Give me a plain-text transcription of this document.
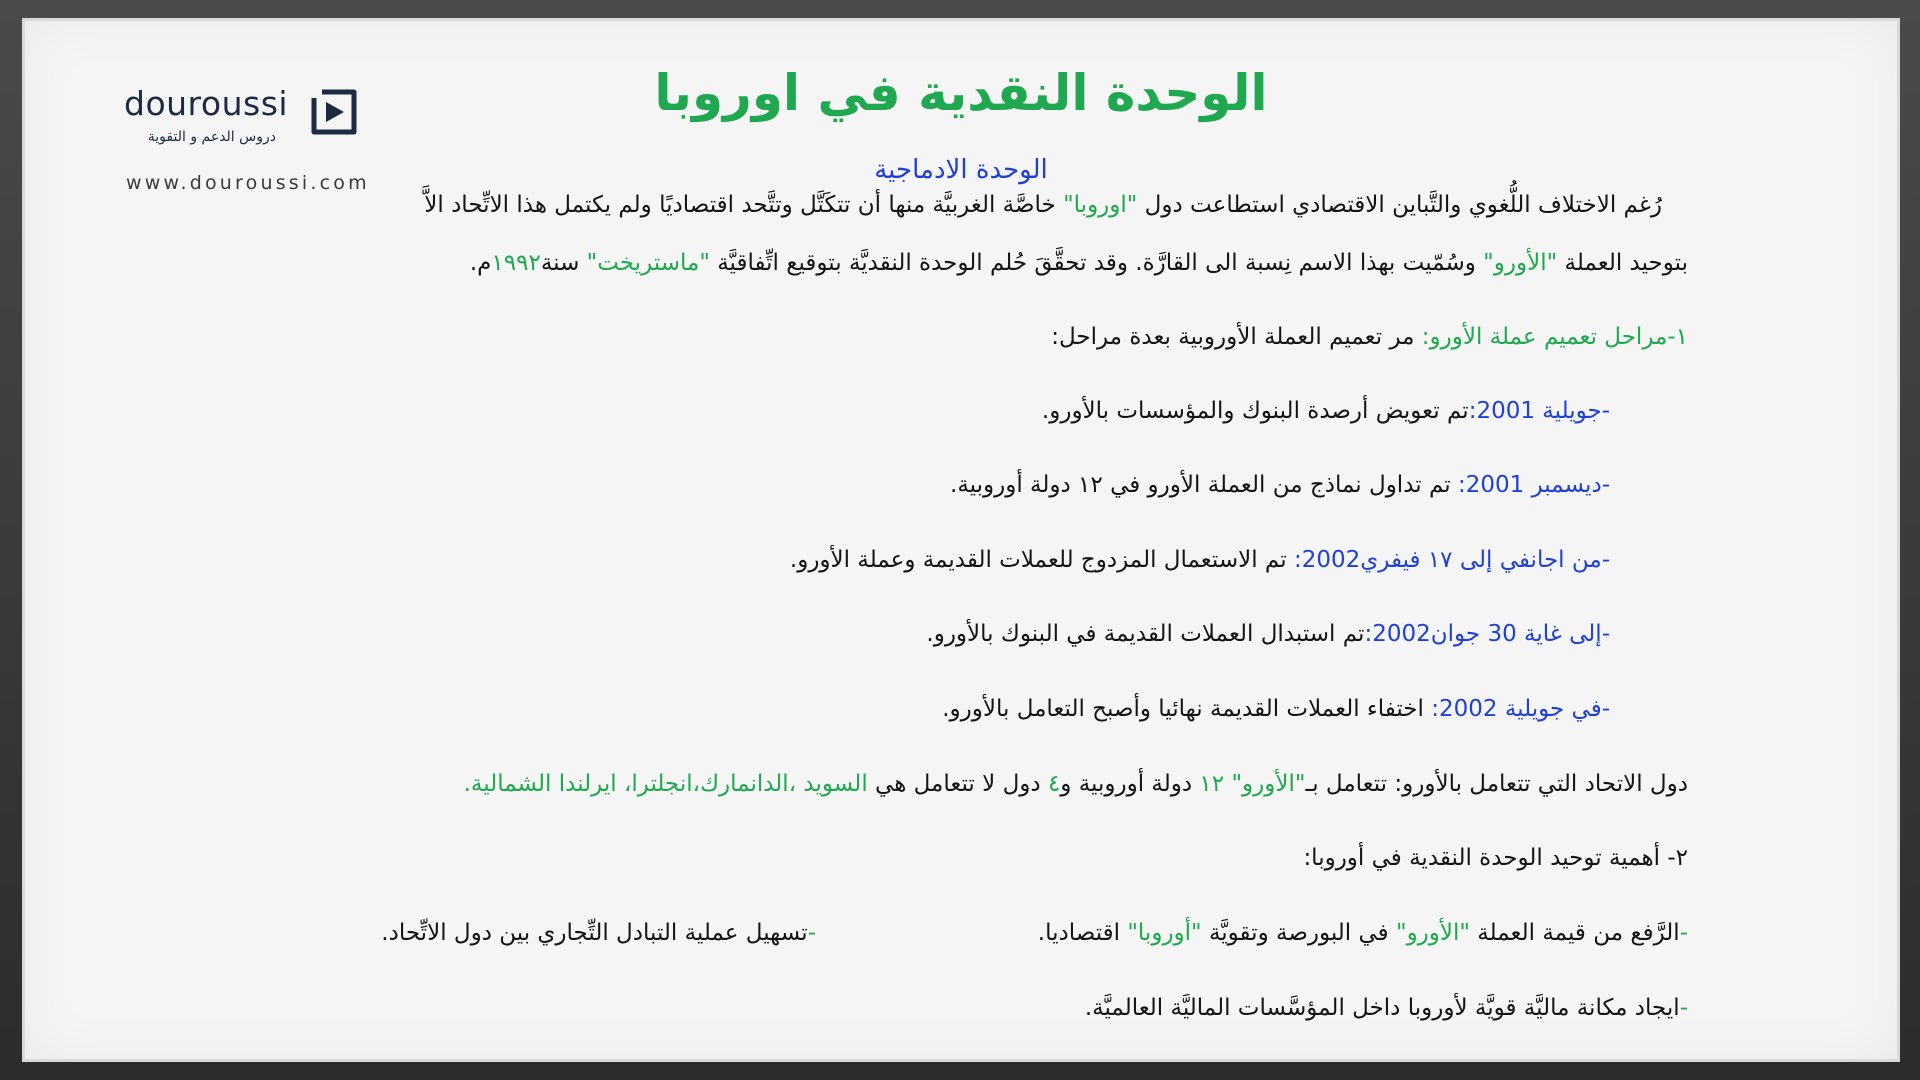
douroussi
دروس الدعم و التقوية
www.douroussi.com
الوحدة النقدية في اوروبا
الوحدة الادماجية
رُغم الاختلاف اللُّغوي والتَّباين الاقتصادي استطاعت دول "اوروبا" خاصَّة الغربيَّة منها أن تتكَتَّل وتتَّحد اقتصاديًا ولم يكتمل هذا الاتِّحاد الاَّ
بتوحيد العملة "الأورو" وسُمّيت بهذا الاسم نِسبة الى القارَّة. وقد تحقَّقَ حُلم الوحدة النقديَّة بتوقيع اتِّفاقيَّة "ماستريخت" سنة١٩٩٢م.
١-مراحل تعميم عملة الأورو: مر تعميم العملة الأوروبية بعدة مراحل:
-جويلية 2001:تم تعويض أرصدة البنوك والمؤسسات بالأورو.
-ديسمبر 2001: تم تداول نماذج من العملة الأورو في ١٢ دولة أوروبية.
-من اجانفي إلى ١٧ فيفري2002: تم الاستعمال المزدوج للعملات القديمة وعملة الأورو.
-إلى غاية 30 جوان2002:تم استبدال العملات القديمة في البنوك بالأورو.
-في جويلية 2002: اختفاء العملات القديمة نهائيا وأصبح التعامل بالأورو.
دول الاتحاد التي تتعامل بالأورو: تتعامل بـ"الأورو" ١٢ دولة أوروبية و٤ دول لا تتعامل هي السويد ،الدانمارك،انجلترا، ايرلندا الشمالية.
٢- أهمية توحيد الوحدة النقدية في أوروبا:
-الرَّفع من قيمة العملة "الأورو" في البورصة وتقويَّة "أوروبا" اقتصاديا.
-تسهيل عملية التبادل التِّجاري بين دول الاتِّحاد.
-ايجاد مكانة ماليَّة قويَّة لأوروبا داخل المؤسَّسات الماليَّة العالميَّة.
